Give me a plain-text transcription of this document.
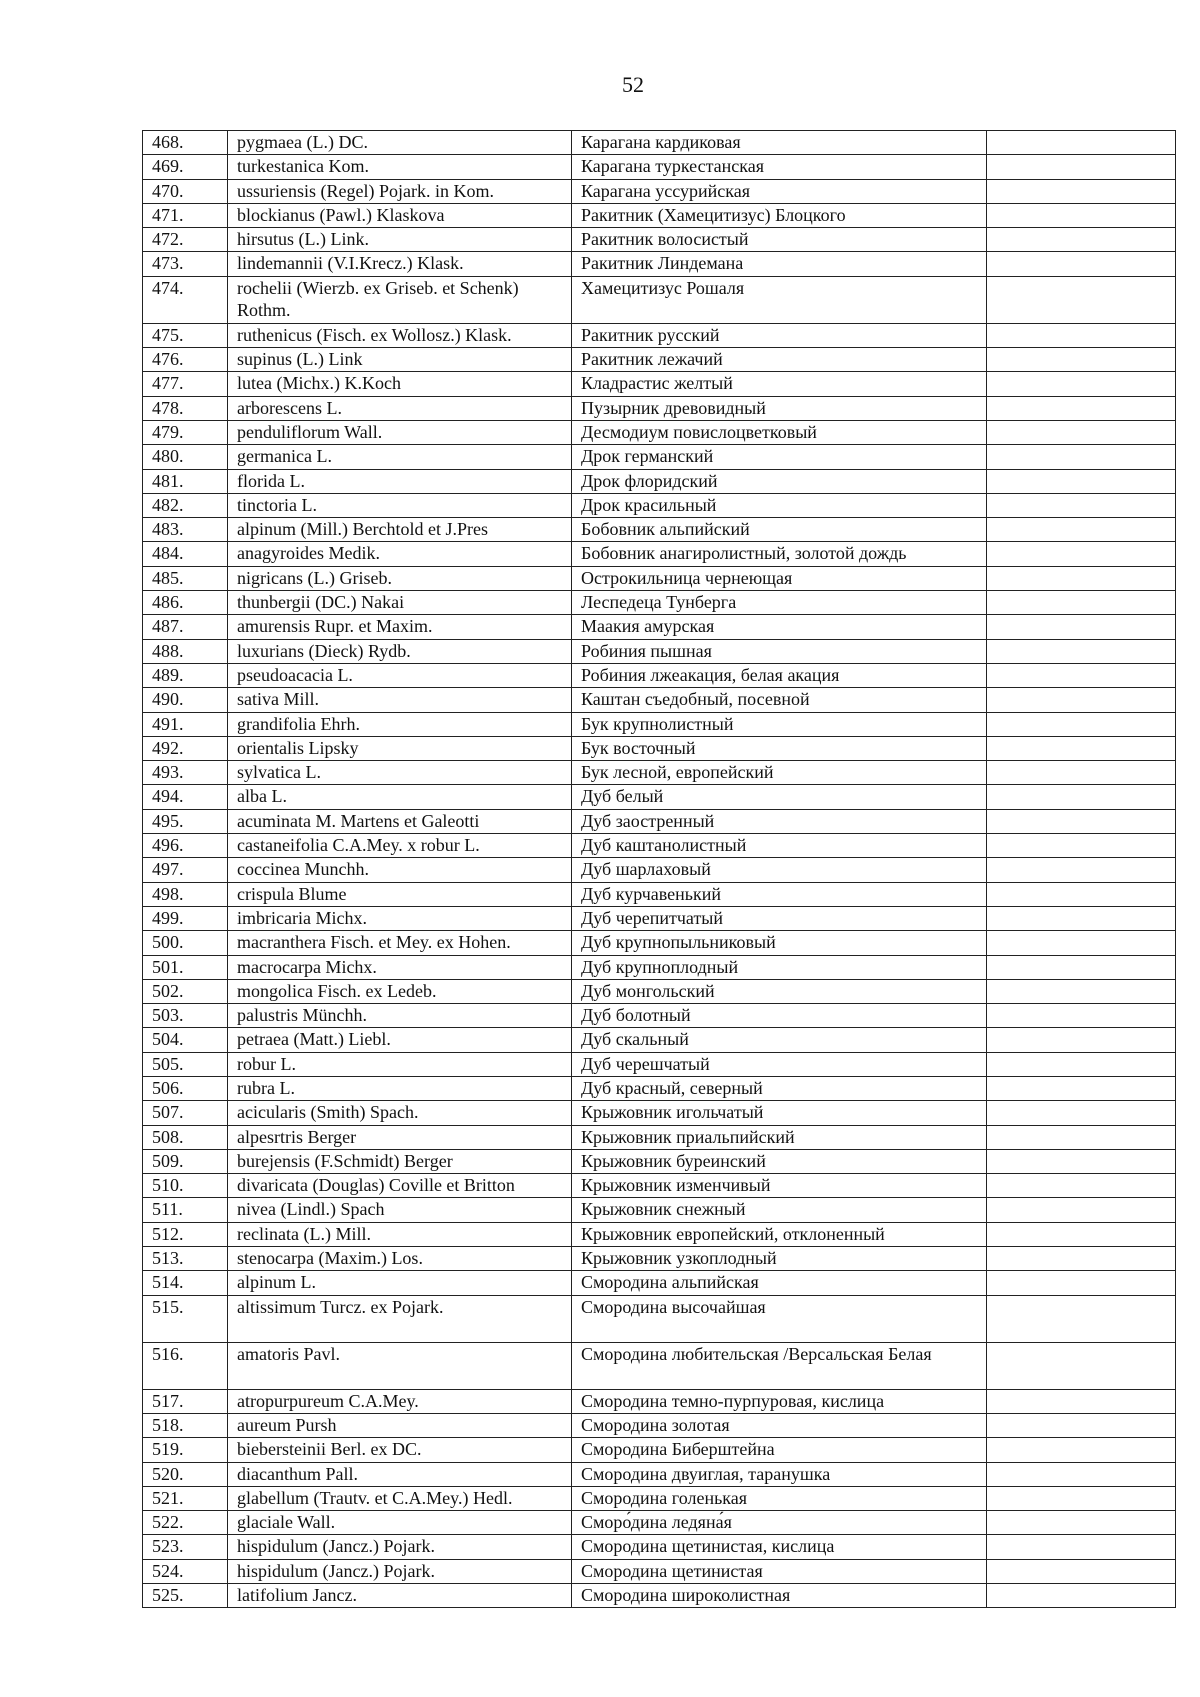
52
468.	pygmaea (L.) DC.	Карагана кардиковая	
469.	turkestanica Kom.	Карагана туркестанская	
470.	ussuriensis (Regel) Pojark. in Kom.	Карагана уссурийская	
471.	blockianus (Pawl.) Klaskova	Ракитник (Хамецитизус) Блоцкого	
472.	hirsutus (L.) Link.	Ракитник волосистый	
473.	lindemannii (V.I.Krecz.) Klask.	Ракитник Линдемана	
474.	rochelii (Wierzb. ex Griseb. et Schenk) Rothm.	Хамецитизус Рошаля	
475.	ruthenicus (Fisch. ex Wollosz.) Klask.	Ракитник русский	
476.	supinus (L.) Link	Ракитник лежачий	
477.	lutea (Michx.) K.Koch	Кладрастис желтый	
478.	arborescens L.	Пузырник древовидный	
479.	penduliflorum Wall.	Десмодиум повислоцветковый	
480.	germanica L.	Дрок германский	
481.	florida L.	Дрок флоридский	
482.	tinctoria L.	Дрок красильный	
483.	alpinum (Mill.) Berchtold et J.Pres	Бобовник альпийский	
484.	anagyroides Medik.	Бобовник анагиролистный, золотой дождь	
485.	nigricans (L.) Griseb.	Острокильница чернеющая	
486.	thunbergii (DC.) Nakai	Леспедеца Тунберга	
487.	amurensis Rupr. et Maxim.	Маакия амурская	
488.	luxurians (Dieck) Rydb.	Робиния пышная	
489.	pseudoacacia L.	Робиния лжеакация, белая акация	
490.	sativa Mill.	Каштан съедобный, посевной	
491.	grandifolia Ehrh.	Бук крупнолистный	
492.	orientalis Lipsky	Бук восточный	
493.	sylvatica L.	Бук лесной, европейский	
494.	alba L.	Дуб белый	
495.	acuminata M. Martens et Galeotti	Дуб заостренный	
496.	castaneifolia C.A.Mey. x robur L.	Дуб каштанолистный	
497.	coccinea Munchh.	Дуб шарлаховый	
498.	crispula Blume	Дуб курчавенький	
499.	imbricaria Michx.	Дуб черепитчатый	
500.	macranthera Fisch. et Mey. ex Hohen.	Дуб крупнопыльниковый	
501.	macrocarpa Michx.	Дуб крупноплодный	
502.	mongolica Fisch. ex Ledeb.	Дуб монгольский	
503.	palustris Münchh.	Дуб болотный	
504.	petraea (Matt.) Liebl.	Дуб скальный	
505.	robur L.	Дуб черешчатый	
506.	rubra L.	Дуб красный, северный	
507.	acicularis (Smith) Spach.	Крыжовник игольчатый	
508.	alpesrtris Berger	Крыжовник приальпийский	
509.	burejensis (F.Schmidt) Berger	Крыжовник буреинский	
510.	divaricata (Douglas) Coville et Britton	Крыжовник изменчивый	
511.	nivea (Lindl.) Spach	Крыжовник снежный	
512.	reclinata (L.) Mill.	Крыжовник европейский, отклоненный	
513.	stenocarpa (Maxim.) Los.	Крыжовник узкоплодный	
514.	alpinum L.	Смородина альпийская	
515.	altissimum Turcz. ex Pojark.	Смородина высочайшая	
516.	amatoris Pavl.	Смородина любительская /Версальская Белая	
517.	atropurpureum C.A.Mey.	Смородина темно-пурпуровая, кислица	
518.	aureum Pursh	Смородина золотая	
519.	biebersteinii Berl. ex DC.	Смородина Биберштейна	
520.	diacanthum Pall.	Смородина двуиглая, таранушка	
521.	glabellum (Trautv. et C.A.Mey.) Hedl.	Смородина голенькая	
522.	glaciale Wall.	Сморо́дина ледяна́я	
523.	hispidulum (Jancz.) Pojark.	Смородина щетинистая, кислица	
524.	hispidulum (Jancz.) Pojark.	Смородина щетинистая	
525.	latifolium Jancz.	Смородина широколистная	
